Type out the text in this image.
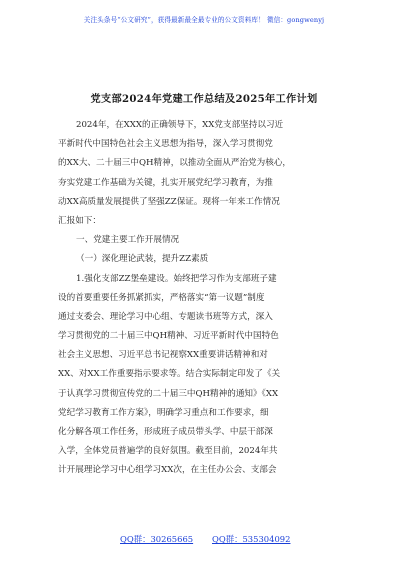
关注头条号“公文研究”，获得最新最全最专业的公文资料库！ 微信：gongwenyj
党支部2024年党建工作总结及2025年工作计划
2024年，在XXX的正确领导下，XX党支部坚持以习近
平新时代中国特色社会主义思想为指导，深入学习贯彻党
的XX大、二十届三中QH精神，以推动全面从严治党为核心，
夯实党建工作基础为关键，扎实开展党纪学习教育，为推
动XX高质量发展提供了坚强ZZ保证。现将一年来工作情况
汇报如下：
一、党建主要工作开展情况
（一）深化理论武装，提升ZZ素质
1.强化支部ZZ堡垒建设。始终把学习作为支部班子建
设的首要重要任务抓紧抓实，严格落实“第一议题”制度
通过支委会、理论学习中心组、专题读书班等方式，深入
学习贯彻党的二十届三中QH精神、习近平新时代中国特色
社会主义思想、习近平总书记视察XX重要讲话精神和对
XX、对XX工作重要指示要求等。结合实际制定印发了《关
于认真学习贯彻宣传党的二十届三中QH精神的通知》《XX
党纪学习教育工作方案》，明确学习重点和工作要求，细
化分解各项工作任务，形成班子成员带头学、中层干部深
入学，全体党员普遍学的良好氛围。截至目前，2024年共
计开展理论学习中心组学习XX次，在主任办公会、支部会
QQ群：30265665 QQ群：535304092
